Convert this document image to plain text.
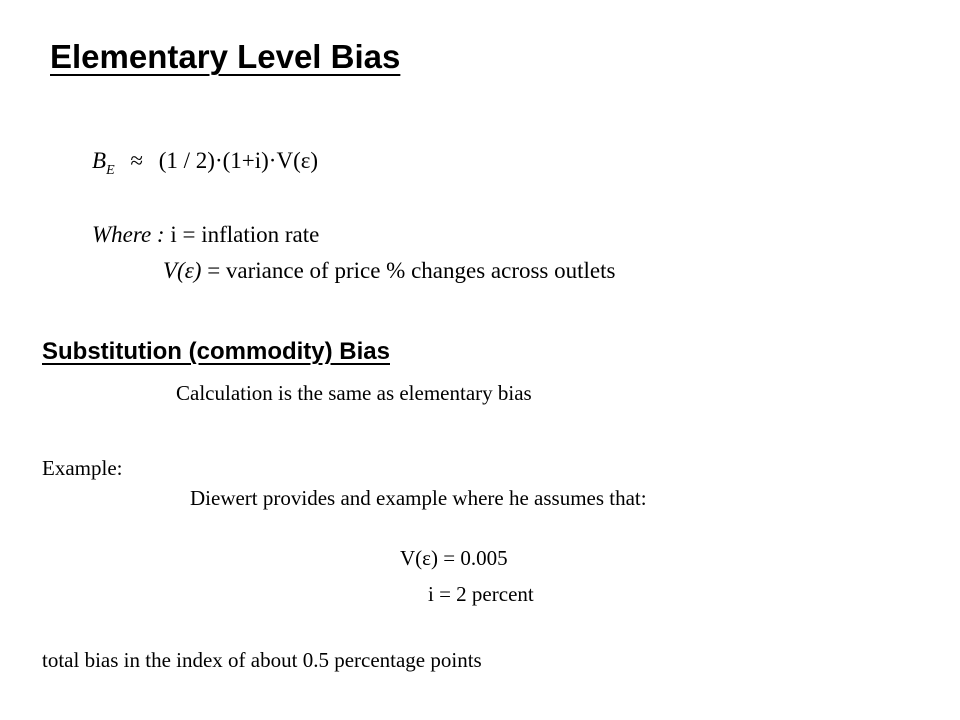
Elementary Level Bias
$B_E \approx (1 / 2)\cdot(1+i)\cdot V(\varepsilon)$
Where : i = inflation rate
V(ε) = variance of price % changes across outlets
Substitution (commodity) Bias
Calculation is the same as elementary bias
Example:
Diewert provides and example where he assumes that:
V(ε) = 0.005
i = 2 percent
total bias in the index of about 0.5 percentage points
